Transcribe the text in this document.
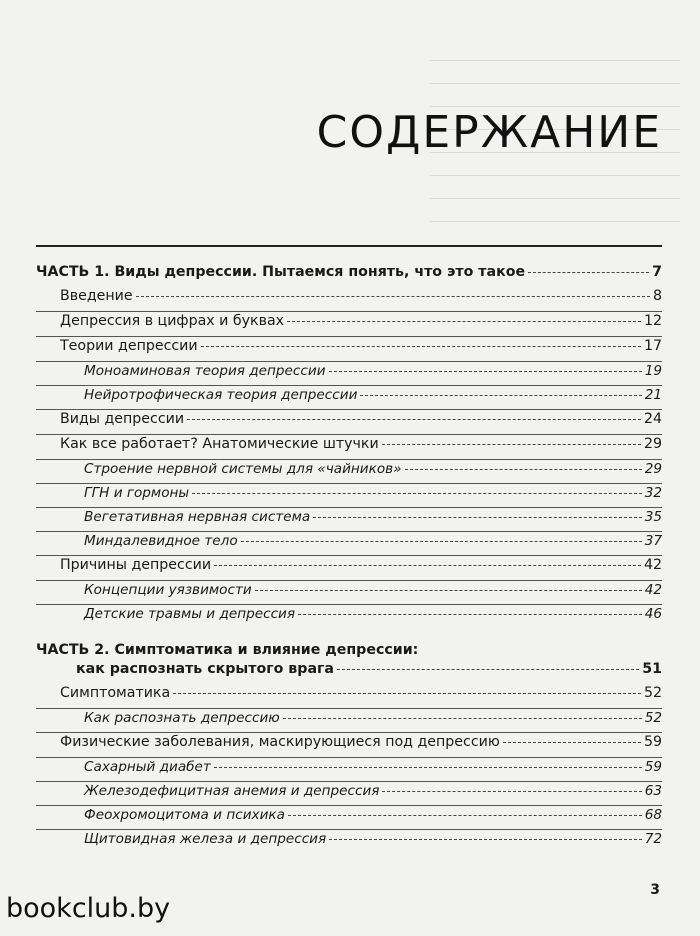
СОДЕРЖАНИЕ
ЧАСТЬ 1. Виды депрессии. Пытаемся понять, что это такое	7
Введение	8
Депрессия в цифрах и буквах	12
Теории депрессии	17
Моноаминовая теория депрессии	19
Нейротрофическая теория депрессии	21
Виды депрессии	24
Как все работает? Анатомические штучки	29
Строение нервной системы для «чайников»	29
ГГН и гормоны	32
Вегетативная нервная система	35
Миндалевидное тело	37
Причины депрессии	42
Концепции уязвимости	42
Детские травмы и депрессия	46
ЧАСТЬ 2. Симптоматика и влияние депрессии:
как распознать скрытого врага	51
Симптоматика	52
Как распознать депрессию	52
Физические заболевания, маскирующиеся под депрессию	59
Сахарный диабет	59
Железодефицитная анемия и депрессия	63
Феохромоцитома и психика	68
Щитовидная железа и депрессия	72
bookclub.by
3
